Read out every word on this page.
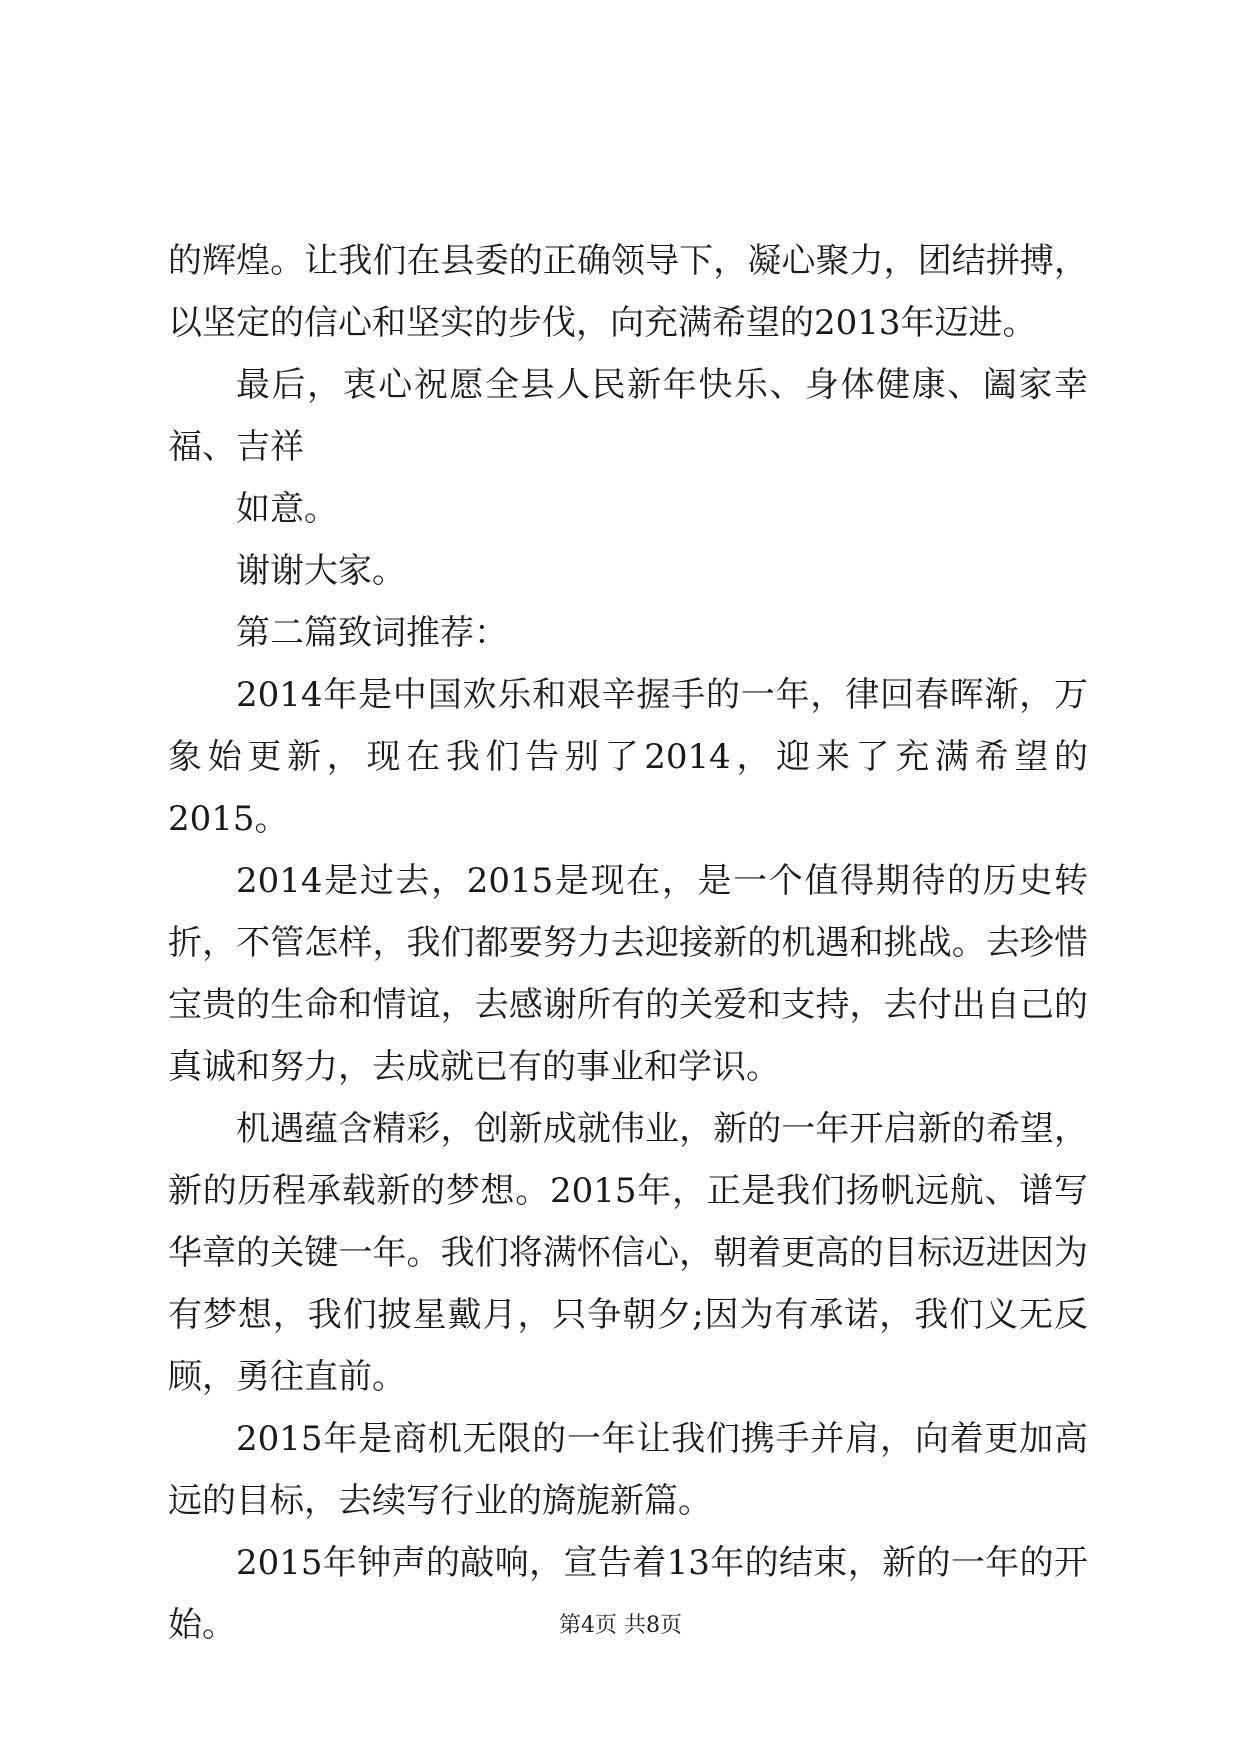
的辉煌。让我们在县委的正确领导下，凝心聚力，团结拼搏，以坚定的信心和坚实的步伐，向充满希望的2013年迈进。

最后，衷心祝愿全县人民新年快乐、身体健康、阖家幸福、吉祥

如意。

谢谢大家。

第二篇致词推荐：

2014年是中国欢乐和艰辛握手的一年，律回春晖渐，万象始更新，现在我们告别了2014，迎来了充满希望的2015。

2014是过去，2015是现在，是一个值得期待的历史转折，不管怎样，我们都要努力去迎接新的机遇和挑战。去珍惜宝贵的生命和情谊，去感谢所有的关爱和支持，去付出自己的真诚和努力，去成就已有的事业和学识。

机遇蕴含精彩，创新成就伟业，新的一年开启新的希望，新的历程承载新的梦想。2015年，正是我们扬帆远航、谱写华章的关键一年。我们将满怀信心，朝着更高的目标迈进因为有梦想，我们披星戴月，只争朝夕;因为有承诺，我们义无反顾，勇往直前。

2015年是商机无限的一年让我们携手并肩，向着更加高远的目标，去续写行业的旖旎新篇。

2015年钟声的敲响，宣告着13年的结束，新的一年的开始。	第4页 共8页
